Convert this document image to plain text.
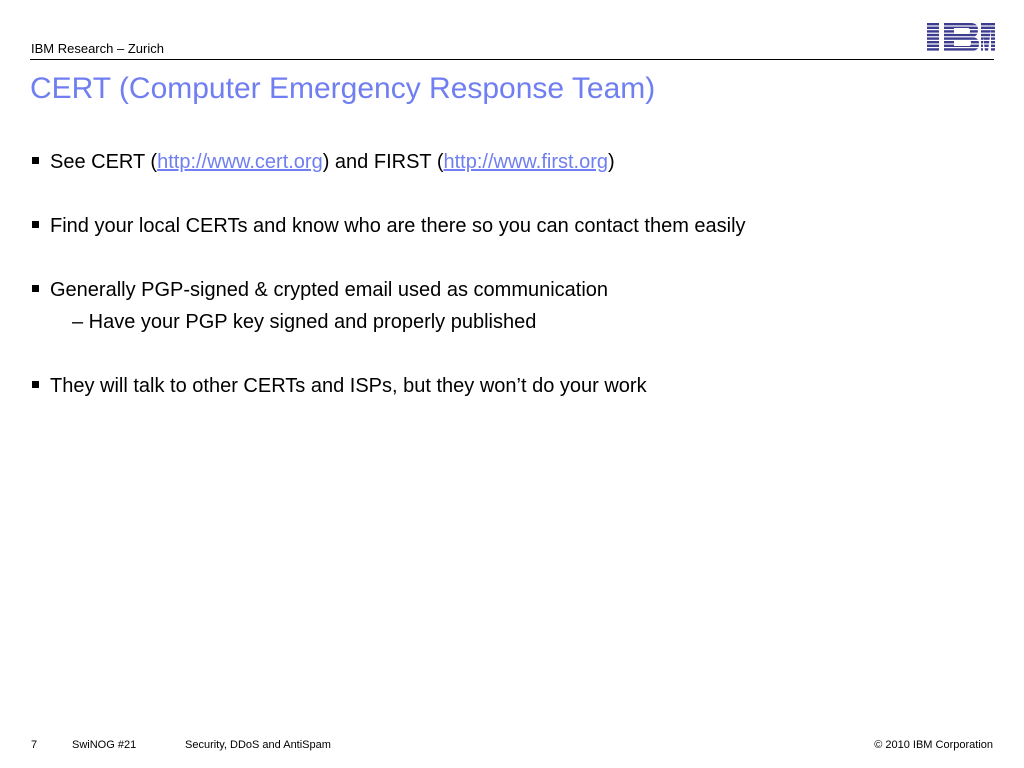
IBM Research – Zurich
CERT (Computer Emergency Response Team)
See CERT (http://www.cert.org) and FIRST (http://www.first.org)
Find your local CERTs and know who are there so you can contact them easily
Generally PGP-signed & crypted email used as communication
– Have your PGP key signed and properly published
They will talk to other CERTs and ISPs, but they won’t do your work
7	SwiNOG #21	Security, DDoS and AntiSpam	© 2010 IBM Corporation
